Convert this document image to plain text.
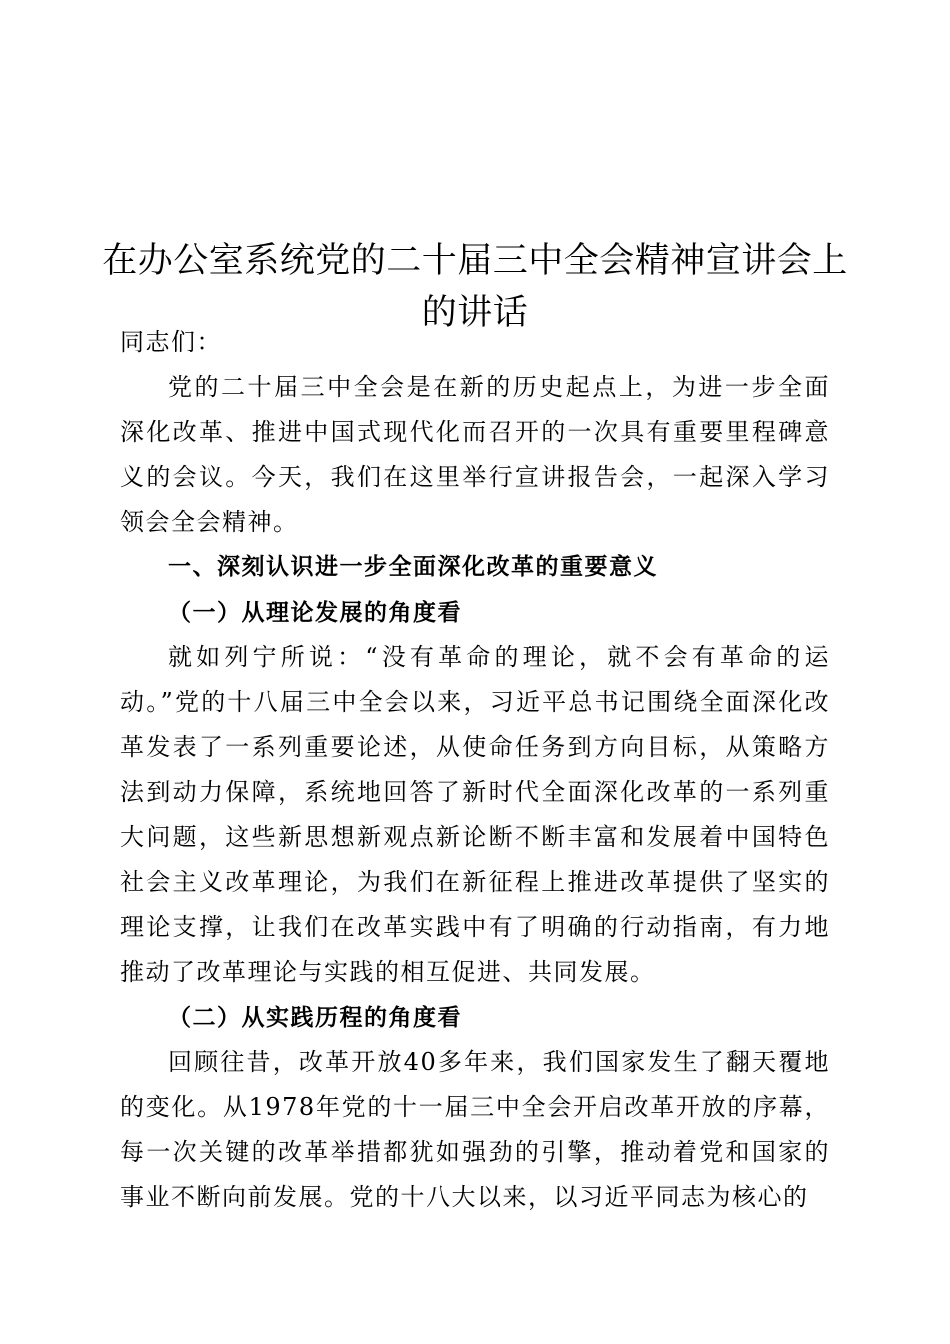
在办公室系统党的二十届三中全会精神宣讲会上的讲话

同志们：

党的二十届三中全会是在新的历史起点上，为进一步全面深化改革、推进中国式现代化而召开的一次具有重要里程碑意义的会议。今天，我们在这里举行宣讲报告会，一起深入学习领会全会精神。

一、深刻认识进一步全面深化改革的重要意义

（一）从理论发展的角度看

就如列宁所说：“没有革命的理论，就不会有革命的运动。”党的十八届三中全会以来，习近平总书记围绕全面深化改革发表了一系列重要论述，从使命任务到方向目标，从策略方法到动力保障，系统地回答了新时代全面深化改革的一系列重大问题，这些新思想新观点新论断不断丰富和发展着中国特色社会主义改革理论，为我们在新征程上推进改革提供了坚实的理论支撑，让我们在改革实践中有了明确的行动指南，有力地推动了改革理论与实践的相互促进、共同发展。

（二）从实践历程的角度看

回顾往昔，改革开放40多年来，我们国家发生了翻天覆地的变化。从1978年党的十一届三中全会开启改革开放的序幕，每一次关键的改革举措都犹如强劲的引擎，推动着党和国家的事业不断向前发展。党的十八大以来，以习近平同志为核心的
